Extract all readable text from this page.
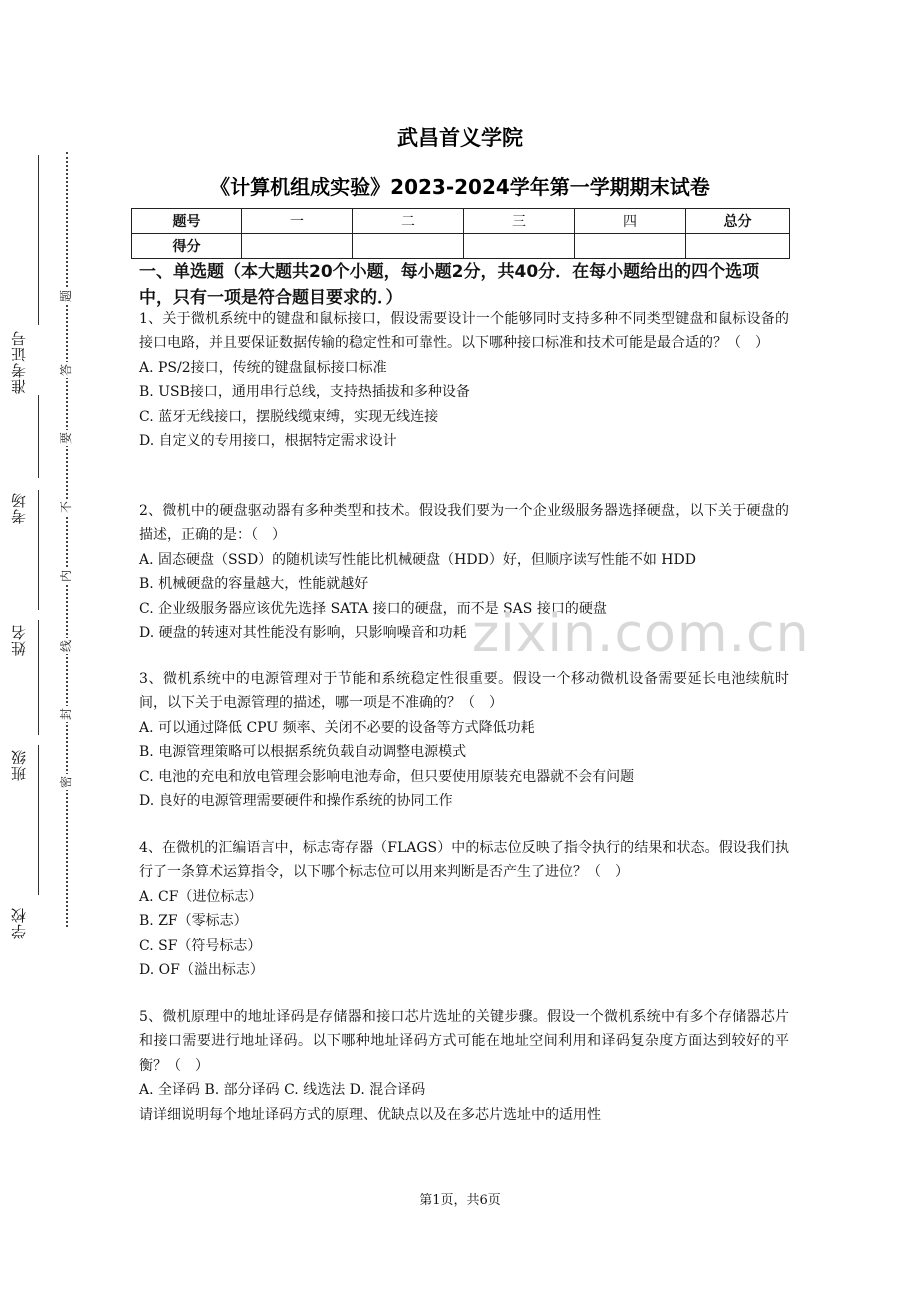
学校
班级
姓名
考场
准考证号
题
答
要
不
内
线
封
密
武昌首义学院
《计算机组成实验》2023-2024学年第一学期期末试卷
题号	一	二	三	四	总分
得分					
一、单选题（本大题共20个小题，每小题2分，共40分．在每小题给出的四个选项中，只有一项是符合题目要求的．）

1、关于微机系统中的键盘和鼠标接口，假设需要设计一个能够同时支持多种不同类型键盘和鼠标设备的接口电路，并且要保证数据传输的稳定性和可靠性。以下哪种接口标准和技术可能是最合适的？（　）

A. PS/2接口，传统的键盘鼠标接口标准

B. USB接口，通用串行总线，支持热插拔和多种设备

C. 蓝牙无线接口，摆脱线缆束缚，实现无线连接

D. 自定义的专用接口，根据特定需求设计

2、微机中的硬盘驱动器有多种类型和技术。假设我们要为一个企业级服务器选择硬盘，以下关于硬盘的描述，正确的是：（　）

A. 固态硬盘（SSD）的随机读写性能比机械硬盘（HDD）好，但顺序读写性能不如 HDD

B. 机械硬盘的容量越大，性能就越好

C. 企业级服务器应该优先选择 SATA 接口的硬盘，而不是 SAS 接口的硬盘

D. 硬盘的转速对其性能没有影响，只影响噪音和功耗

3、微机系统中的电源管理对于节能和系统稳定性很重要。假设一个移动微机设备需要延长电池续航时间，以下关于电源管理的描述，哪一项是不准确的？（　）

A. 可以通过降低 CPU 频率、关闭不必要的设备等方式降低功耗

B. 电源管理策略可以根据系统负载自动调整电源模式

C. 电池的充电和放电管理会影响电池寿命，但只要使用原装充电器就不会有问题

D. 良好的电源管理需要硬件和操作系统的协同工作

4、在微机的汇编语言中，标志寄存器（FLAGS）中的标志位反映了指令执行的结果和状态。假设我们执行了一条算术运算指令，以下哪个标志位可以用来判断是否产生了进位？（　）

A. CF（进位标志）

B. ZF（零标志）

C. SF（符号标志）

D. OF（溢出标志）

5、微机原理中的地址译码是存储器和接口芯片选址的关键步骤。假设一个微机系统中有多个存储器芯片和接口需要进行地址译码。以下哪种地址译码方式可能在地址空间利用和译码复杂度方面达到较好的平衡？（　）

A. 全译码 B. 部分译码 C. 线选法 D. 混合译码

请详细说明每个地址译码方式的原理、优缺点以及在多芯片选址中的适用性

zixin.com.cn
第1页，共6页
